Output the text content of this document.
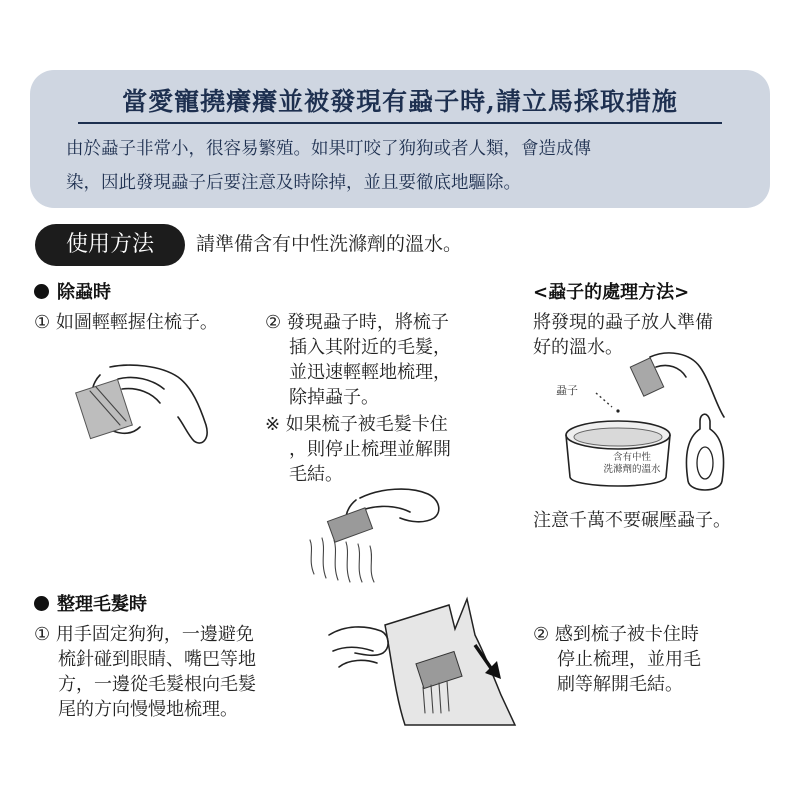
當愛寵撓癢癢並被發現有蝨子時,請立馬採取措施
由於蝨子非常小，很容易繁殖。如果叮咬了狗狗或者人類，會造成傳
染，因此發現蝨子后要注意及時除掉，並且要徹底地驅除。
使用方法	請準備含有中性洗滌劑的溫水。
除蝨時
① 如圖輕輕握住梳子。	② 發現蝨子時，將梳子
插入其附近的毛髮，
並迅速輕輕地梳理，
除掉蝨子。
※ 如果梳子被毛髮卡住
，則停止梳理並解開
毛結。
<蝨子的處理方法>
將發現的蝨子放人準備
好的溫水。
蝨子
含有中性
洗滌劑的溫水
注意千萬不要碾壓蝨子。
整理毛髮時
① 用手固定狗狗，一邊避免
梳針碰到眼睛、嘴巴等地
方，一邊從毛髮根向毛髮
尾的方向慢慢地梳理。
② 感到梳子被卡住時
停止梳理，並用毛
刷等解開毛結。
